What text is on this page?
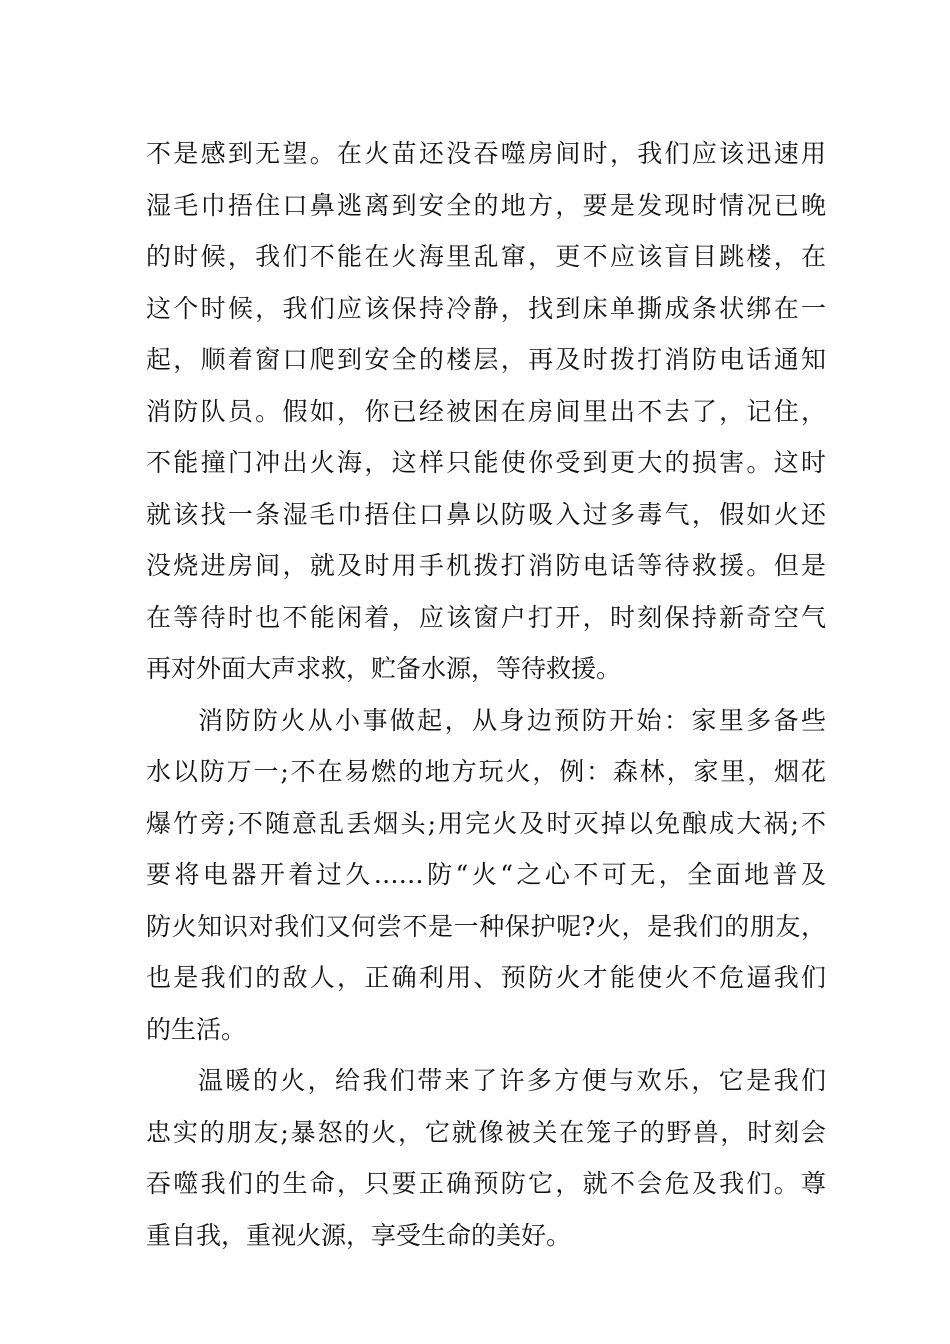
不是感到无望。在火苗还没吞噬房间时，我们应该迅速用
湿毛巾捂住口鼻逃离到安全的地方，要是发现时情况已晚
的时候，我们不能在火海里乱窜，更不应该盲目跳楼，在
这个时候，我们应该保持冷静，找到床单撕成条状绑在一
起，顺着窗口爬到安全的楼层，再及时拨打消防电话通知
消防队员。假如，你已经被困在房间里出不去了，记住，
不能撞门冲出火海，这样只能使你受到更大的损害。这时
就该找一条湿毛巾捂住口鼻以防吸入过多毒气，假如火还
没烧进房间，就及时用手机拨打消防电话等待救援。但是
在等待时也不能闲着，应该窗户打开，时刻保持新奇空气
再对外面大声求救，贮备水源，等待救援。
消防防火从小事做起，从身边预防开始：家里多备些
水以防万一;不在易燃的地方玩火，例：森林，家里，烟花
爆竹旁;不随意乱丢烟头;用完火及时灭掉以免酿成大祸;不
要将电器开着过久……防“火“之心不可无，全面地普及
防火知识对我们又何尝不是一种保护呢?火，是我们的朋友，
也是我们的敌人，正确利用、预防火才能使火不危逼我们
的生活。
温暖的火，给我们带来了许多方便与欢乐，它是我们
忠实的朋友;暴怒的火，它就像被关在笼子的野兽，时刻会
吞噬我们的生命，只要正确预防它，就不会危及我们。尊
重自我，重视火源，享受生命的美好。
